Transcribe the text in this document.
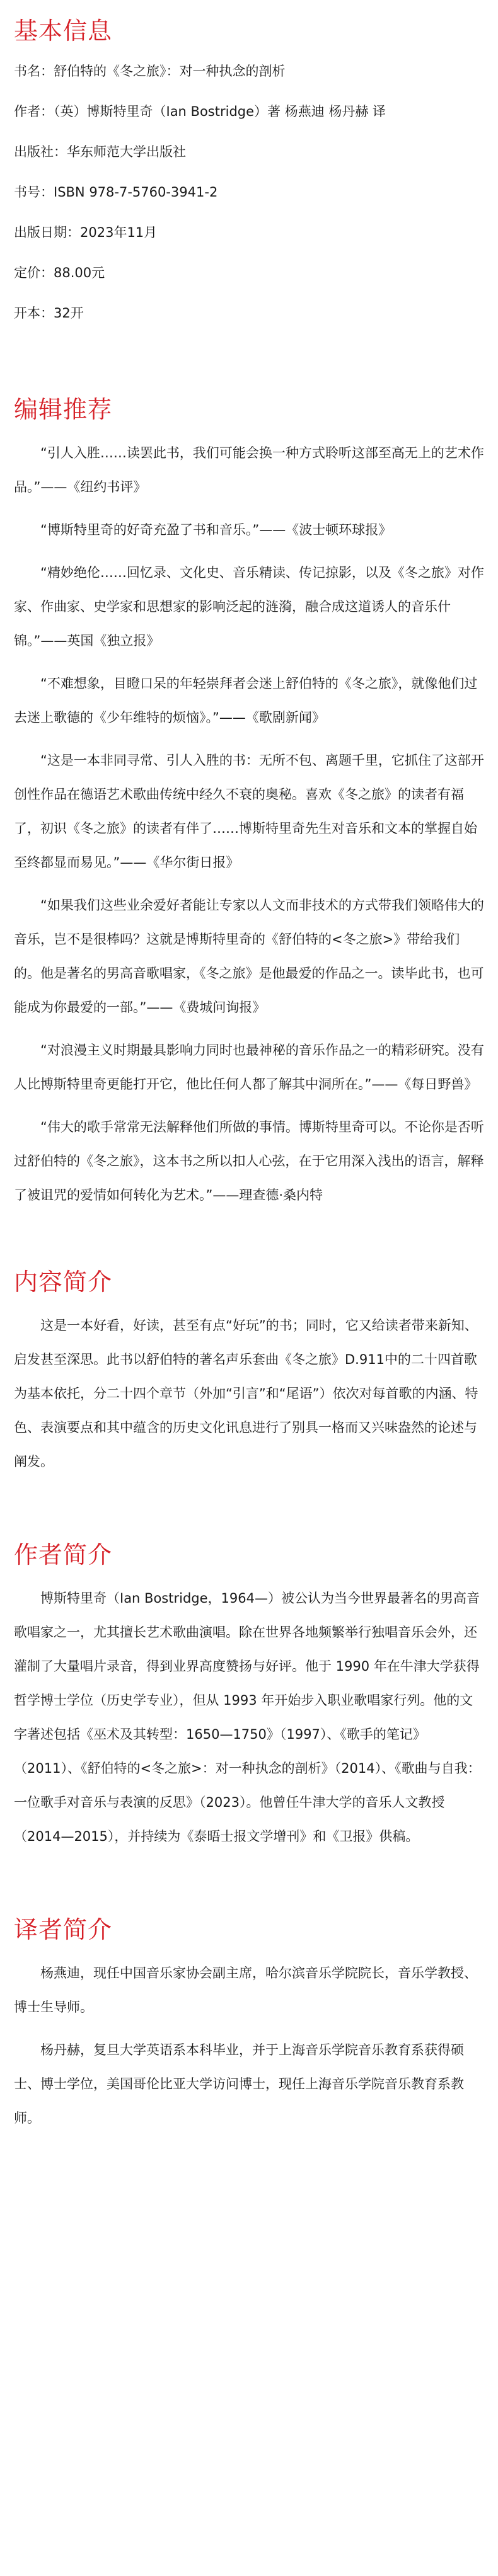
基本信息

书名：舒伯特的《冬之旅》：对一种执念的剖析

作者：（英）博斯特里奇（Ian Bostridge）著 杨燕迪 杨丹赫 译

出版社：华东师范大学出版社

书号：ISBN 978-7-5760-3941-2

出版日期：2023年11月

定价：88.00元

开本：32开

编辑推荐

“引人入胜……读罢此书，我们可能会换一种方式聆听这部至高无上的艺术作品。”——《纽约书评》

“博斯特里奇的好奇充盈了书和音乐。”——《波士顿环球报》

“精妙绝伦……回忆录、文化史、音乐精读、传记掠影，以及《冬之旅》对作家、作曲家、史学家和思想家的影响泛起的涟漪，融合成这道诱人的音乐什锦。”——英国《独立报》

“不难想象，目瞪口呆的年轻崇拜者会迷上舒伯特的《冬之旅》，就像他们过去迷上歌德的《少年维特的烦恼》。”——《歌剧新闻》

“这是一本非同寻常、引人入胜的书：无所不包、离题千里，它抓住了这部开创性作品在德语艺术歌曲传统中经久不衰的奥秘。喜欢《冬之旅》的读者有福了，初识《冬之旅》的读者有伴了……博斯特里奇先生对音乐和文本的掌握自始至终都显而易见。”——《华尔街日报》

“如果我们这些业余爱好者能让专家以人文而非技术的方式带我们领略伟大的音乐，岂不是很棒吗？这就是博斯特里奇的《舒伯特的<冬之旅>》带给我们的。他是著名的男高音歌唱家，《冬之旅》是他最爱的作品之一。读毕此书，也可能成为你最爱的一部。”——《费城问询报》

“对浪漫主义时期最具影响力同时也最神秘的音乐作品之一的精彩研究。没有人比博斯特里奇更能打开它，他比任何人都了解其中洞所在。”——《每日野兽》

“伟大的歌手常常无法解释他们所做的事情。博斯特里奇可以。不论你是否听过舒伯特的《冬之旅》，这本书之所以扣人心弦，在于它用深入浅出的语言，解释了被诅咒的爱情如何转化为艺术。”——理查德·桑内特

内容简介

这是一本好看，好读，甚至有点“好玩”的书；同时，它又给读者带来新知、启发甚至深思。此书以舒伯特的著名声乐套曲《冬之旅》D.911中的二十四首歌为基本依托，分二十四个章节（外加“引言”和“尾语”）依次对每首歌的内涵、特色、表演要点和其中蕴含的历史文化讯息进行了别具一格而又兴味盎然的论述与阐发。

作者简介

博斯特里奇（Ian Bostridge，1964—）被公认为当今世界最著名的男高音歌唱家之一，尤其擅长艺术歌曲演唱。除在世界各地频繁举行独唱音乐会外，还灌制了大量唱片录音，得到业界高度赞扬与好评。他于 1990 年在牛津大学获得哲学博士学位（历史学专业），但从 1993 年开始步入职业歌唱家行列。他的文字著述包括《巫术及其转型：1650—1750》（1997）、《歌手的笔记》（2011）、《舒伯特的<冬之旅>：对一种执念的剖析》（2014）、《歌曲与自我：一位歌手对音乐与表演的反思》（2023）。他曾任牛津大学的音乐人文教授（2014—2015），并持续为《泰晤士报文学增刊》和《卫报》供稿。

译者简介

杨燕迪，现任中国音乐家协会副主席，哈尔滨音乐学院院长，音乐学教授、博士生导师。

杨丹赫，复旦大学英语系本科毕业，并于上海音乐学院音乐教育系获得硕士、博士学位，美国哥伦比亚大学访问博士，现任上海音乐学院音乐教育系教师。
